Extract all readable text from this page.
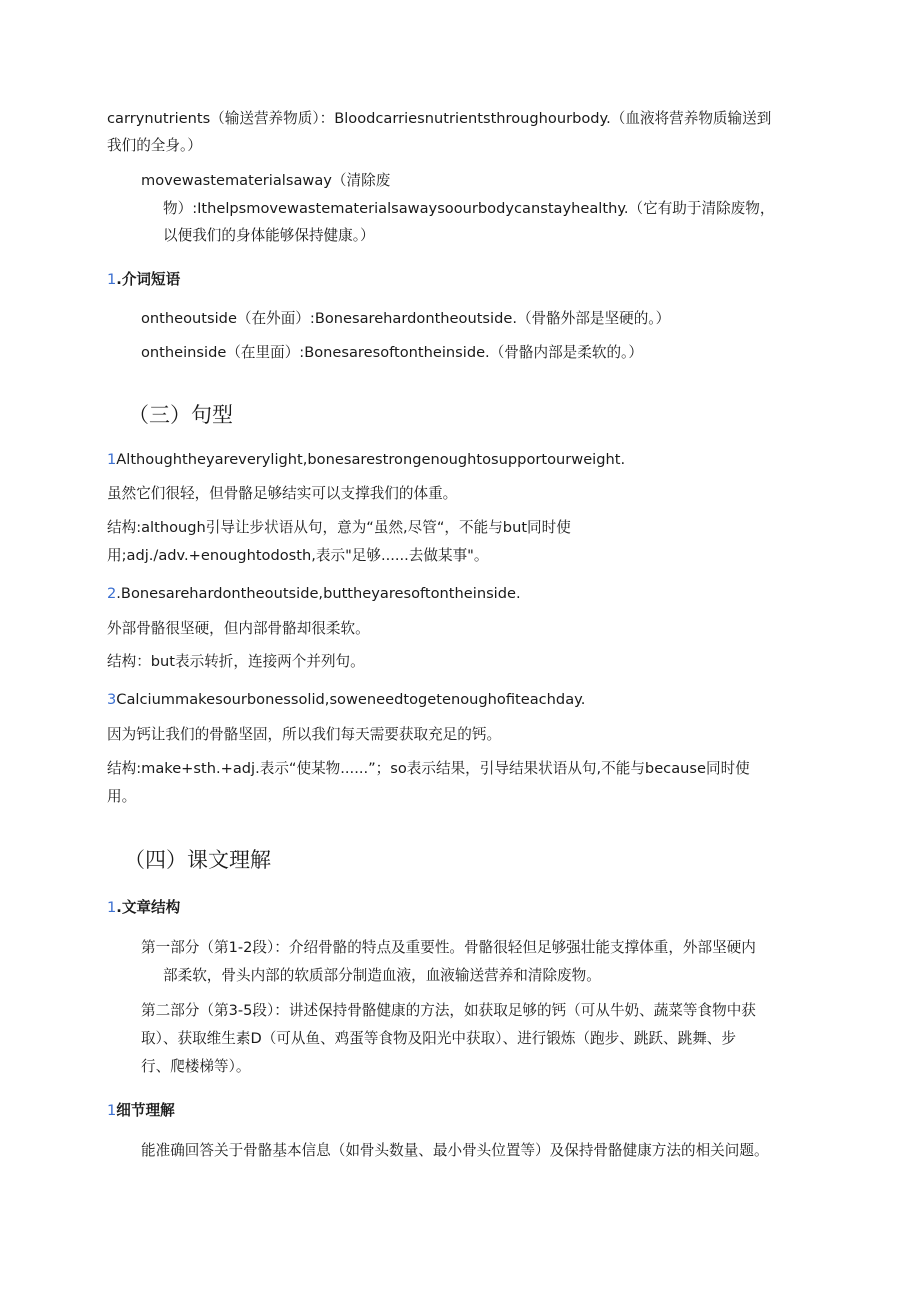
carrynutrients（输送营养物质）：Bloodcarriesnutrientsthroughourbody.（血液将营养物质输送到

我们的全身。）

movewastematerialsaway（清除废

物）:Ithelpsmovewastematerialsawaysoourbodycanstayhealthy.（它有助于清除废物，

以便我们的身体能够保持健康。）

1.介词短语

ontheoutside（在外面）:Bonesarehardontheoutside.（骨骼外部是坚硬的。）

ontheinside（在里面）:Bonesaresoftontheinside.（骨骼内部是柔软的。）

（三）句型

1Althoughtheyareverylight,bonesarestrongenoughtosupportourweight.

虽然它们很轻，但骨骼足够结实可以支撑我们的体重。

结构:although引导让步状语从句，意为“虽然,尽管“，不能与but同时使

用;adj./adv.+enoughtodosth,表示"足够......去做某事"。

2.Bonesarehardontheoutside,buttheyaresoftontheinside.

外部骨骼很坚硬，但内部骨骼却很柔软。

结构：but表示转折，连接两个并列句。

3Calciummakesourbonessolid,soweneedtogetenoughofiteachday.

因为钙让我们的骨骼坚固，所以我们每天需要获取充足的钙。

结构:make+sth.+adj.表示“使某物......”；so表示结果，引导结果状语从句,不能与because同时使

用。

（四）课文理解

1.文章结构

第一部分（第1-2段）：介绍骨骼的特点及重要性。骨骼很轻但足够强壮能支撑体重，外部坚硬内

部柔软，骨头内部的软质部分制造血液，血液输送营养和清除废物。

第二部分（第3-5段）：讲述保持骨骼健康的方法，如获取足够的钙（可从牛奶、蔬菜等食物中获

取）、获取维生素D（可从鱼、鸡蛋等食物及阳光中获取）、进行锻炼（跑步、跳跃、跳舞、步

行、爬楼梯等）。

1细节理解

能准确回答关于骨骼基本信息（如骨头数量、最小骨头位置等）及保持骨骼健康方法的相关问题。
